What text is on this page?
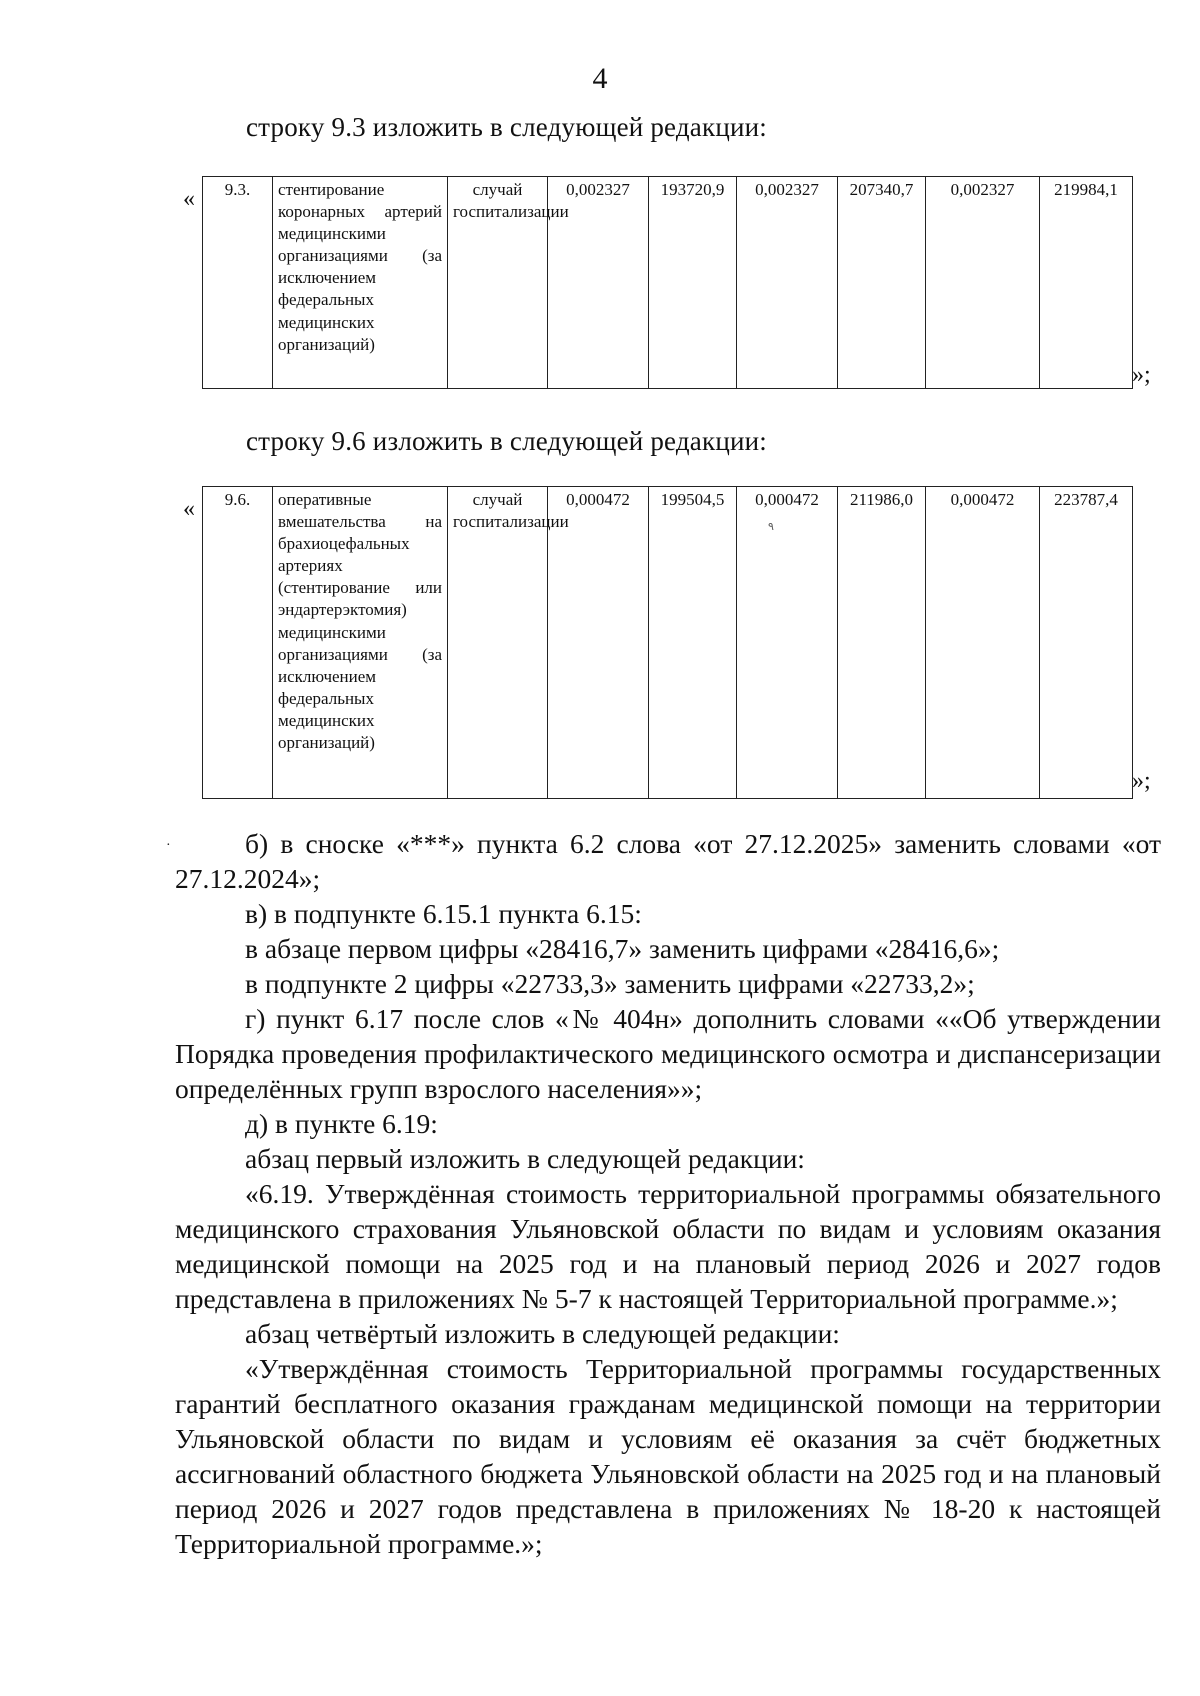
4
строку 9.3 изложить в следующей редакции:
« 9.3.	стентирование коронарных артерий медицинскими организациями (за исключением федеральных медицинских организаций)	случай госпитализации	0,002327	193720,9	0,002327	207340,7	0,002327	219984,1
»;
строку 9.6 изложить в следующей редакции:
« 9.6.	оперативные вмешательства на брахиоцефальных артериях (стентирование или эндартерэктомия) медицинскими организациями (за исключением федеральных медицинских организаций)	случай госпитализации	0,000472	199504,5	0,000472	211986,0	0,000472	223787,4
٩
»;
·	б) в сноске «***» пункта 6.2 слова «от 27.12.2025» заменить словами «от 27.12.2024»;

в) в подпункте 6.15.1 пункта 6.15:

в абзаце первом цифры «28416,7» заменить цифрами «28416,6»;

в подпункте 2 цифры «22733,3» заменить цифрами «22733,2»;

г) пункт 6.17 после слов «№ 404н» дополнить словами ««Об утверждении Порядка проведения профилактического медицинского осмотра и диспансеризации определённых групп взрослого населения»»;

д) в пункте 6.19:

абзац первый изложить в следующей редакции:

«6.19. Утверждённая стоимость территориальной программы обязательного медицинского страхования Ульяновской области по видам и условиям оказания медицинской помощи на 2025 год и на плановый период 2026 и 2027 годов представлена в приложениях № 5-7 к настоящей Территориальной программе.»;

абзац четвёртый изложить в следующей редакции:

«Утверждённая стоимость Территориальной программы государственных гарантий бесплатного оказания гражданам медицинской помощи на территории Ульяновской области по видам и условиям её оказания за счёт бюджетных ассигнований областного бюджета Ульяновской области на 2025 год и на плановый период 2026 и 2027 годов представлена в приложениях № 18-20 к настоящей Территориальной программе.»;
